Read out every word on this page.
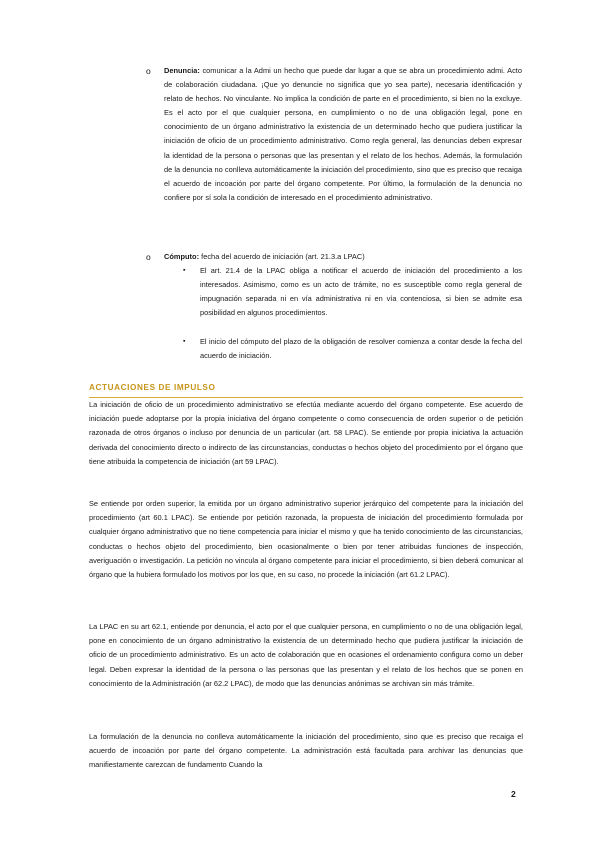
o Denuncia: comunicar a la Admi un hecho que puede dar lugar a que se abra un procedimiento admi. Acto de colaboración ciudadana. ¡Que yo denuncie no significa que yo sea parte), necesaria identificación y relato de hechos. No vinculante. No implica la condición de parte en el procedimiento, si bien no la excluye. Es el acto por el que cualquier persona, en cumplimiento o no de una obligación legal, pone en conocimiento de un órgano administrativo la existencia de un determinado hecho que pudiera justificar la iniciación de oficio de un procedimiento administrativo. Como regla general, las denuncias deben expresar la identidad de la persona o personas que las presentan y el relato de los hechos. Además, la formulación de la denuncia no conlleva automáticamente la iniciación del procedimiento, sino que es preciso que recaiga el acuerdo de incoación por parte del órgano competente. Por último, la formulación de la denuncia no confiere por sí sola la condición de interesado en el procedimiento administrativo.
o Cómputo: fecha del acuerdo de iniciación (art. 21.3.a LPAC)
▪ El art. 21.4 de la LPAC obliga a notificar el acuerdo de iniciación del procedimiento a los interesados. Asimismo, como es un acto de trámite, no es susceptible como regla general de impugnación separada ni en vía administrativa ni en vía contenciosa, si bien se admite esa posibilidad en algunos procedimientos.
▪ El inicio del cómputo del plazo de la obligación de resolver comienza a contar desde la fecha del acuerdo de iniciación.
ACTUACIONES DE IMPULSO

La iniciación de oficio de un procedimiento administrativo se efectúa mediante acuerdo del órgano competente. Ese acuerdo de iniciación puede adoptarse por la propia iniciativa del órgano competente o como consecuencia de orden superior o de petición razonada de otros órganos o incluso por denuncia de un particular (art. 58 LPAC). Se entiende por propia iniciativa la actuación derivada del conocimiento directo o indirecto de las circunstancias, conductas o hechos objeto del procedimiento por el órgano que tiene atribuida la competencia de iniciación (art 59 LPAC).

Se entiende por orden superior, la emitida por un órgano administrativo superior jerárquico del competente para la iniciación del procedimiento (art 60.1 LPAC). Se entiende por petición razonada, la propuesta de iniciación del procedimiento formulada por cualquier órgano administrativo que no tiene competencia para iniciar el mismo y que ha tenido conocimiento de las circunstancias, conductas o hechos objeto del procedimiento, bien ocasionalmente o bien por tener atribuidas funciones de inspección, averiguación o investigación. La petición no vincula al órgano competente para iniciar el procedimiento, si bien deberá comunicar al órgano que la hubiera formulado los motivos por los que, en su caso, no procede la iniciación (art 61.2 LPAC).

La LPAC en su art 62.1, entiende por denuncia, el acto por el que cualquier persona, en cumplimiento o no de una obligación legal, pone en conocimiento de un órgano administrativo la existencia de un determinado hecho que pudiera justificar la iniciación de oficio de un procedimiento administrativo. Es un acto de colaboración que en ocasiones el ordenamiento configura como un deber legal. Deben expresar la identidad de la persona o las personas que las presentan y el relato de los hechos que se ponen en conocimiento de la Administración (ar 62.2 LPAC), de modo que las denuncias anónimas se archivan sin más trámite.

La formulación de la denuncia no conlleva automáticamente la iniciación del procedimiento, sino que es preciso que recaiga el acuerdo de incoación por parte del órgano competente. La administración está facultada para archivar las denuncias que manifiestamente carezcan de fundamento Cuando la

2
